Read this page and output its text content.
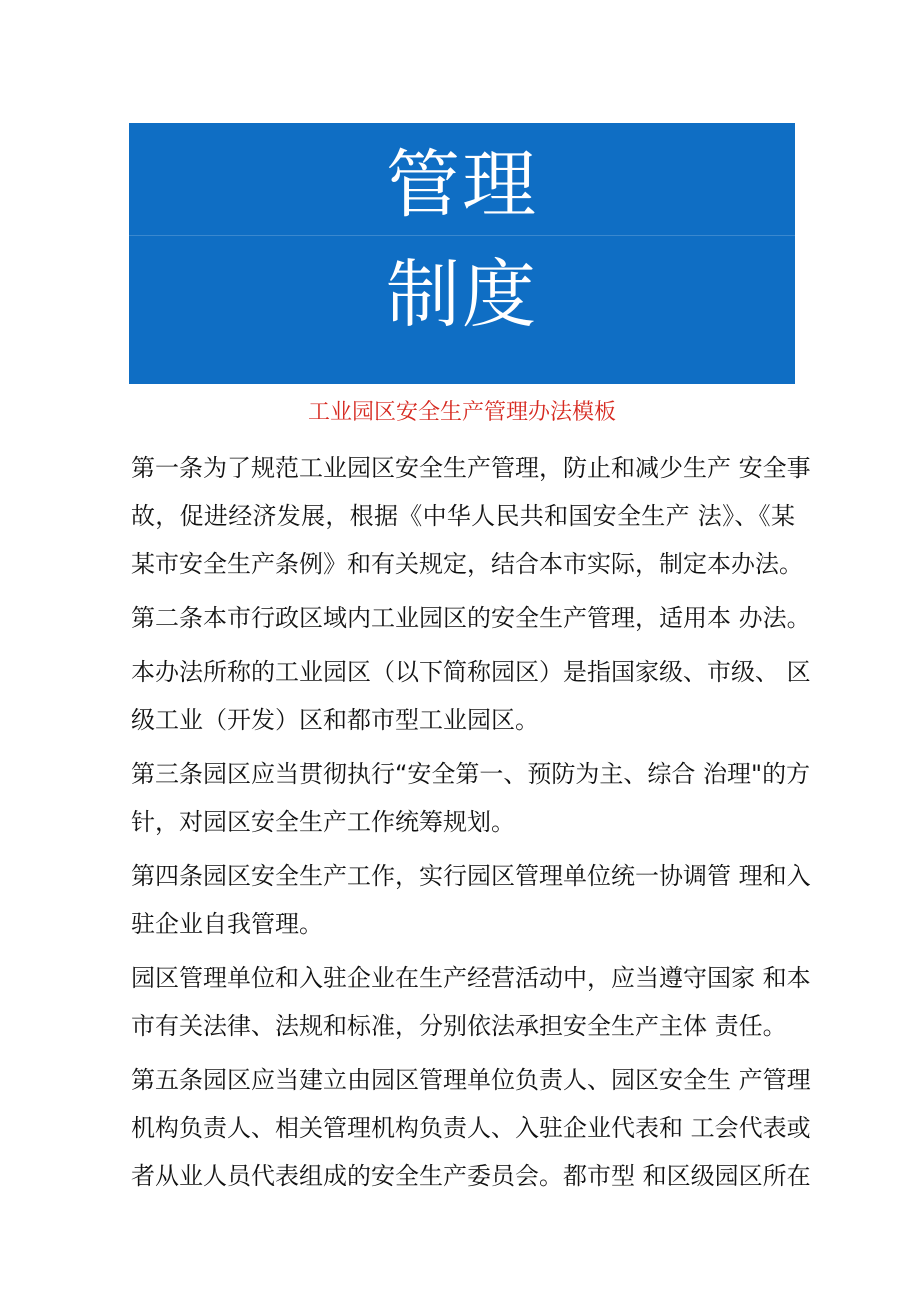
管理
制度
工业园区安全生产管理办法模板

第一条为了规范工业园区安全生产管理，防止和减少生产 安全事
故，促进经济发展，根据《中华人民共和国安全生产 法》、《某
某市安全生产条例》和有关规定，结合本市实际，制定本办法。

第二条本市行政区域内工业园区的安全生产管理，适用本 办法。

本办法所称的工业园区（以下简称园区）是指国家级、市级、 区
级工业（开发）区和都市型工业园区。

第三条园区应当贯彻执行“安全第一、预防为主、综合 治理"的方
针，对园区安全生产工作统筹规划。

第四条园区安全生产工作，实行园区管理单位统一协调管 理和入
驻企业自我管理。

园区管理单位和入驻企业在生产经营活动中，应当遵守国家 和本
市有关法律、法规和标准，分别依法承担安全生产主体 责任。

第五条园区应当建立由园区管理单位负责人、园区安全生 产管理
机构负责人、相关管理机构负责人、入驻企业代表和 工会代表或
者从业人员代表组成的安全生产委员会。都市型 和区级园区所在
